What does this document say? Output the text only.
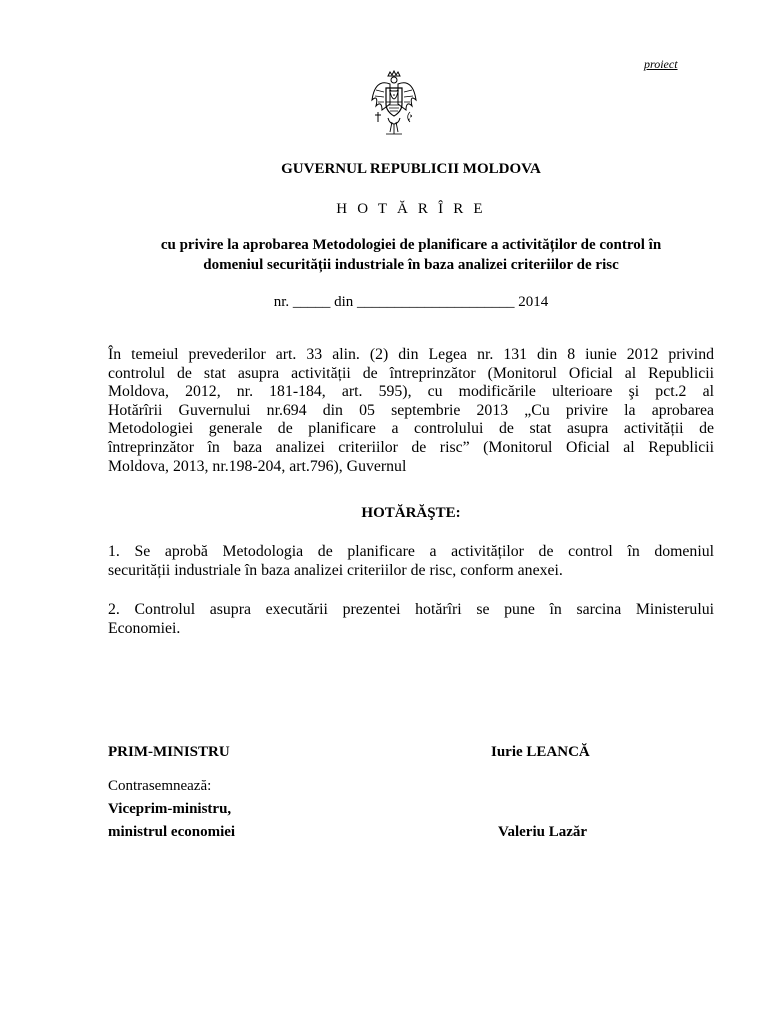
proiect
GUVERNUL REPUBLICII MOLDOVA
H O T Ă R Î R E
cu privire la aprobarea Metodologiei de planificare a activităților de control în
domeniul securității industriale în baza analizei criteriilor de risc
nr. _____ din _____________________ 2014
În temeiul prevederilor art. 33 alin. (2) din Legea nr. 131 din 8 iunie 2012 privind
controlul de stat asupra activității de întreprinzător (Monitorul Oficial al Republicii
Moldova, 2012, nr. 181-184, art. 595), cu modificările ulterioare şi pct.2 al
Hotărîrii Guvernului nr.694 din 05 septembrie 2013 „Cu privire la aprobarea
Metodologiei generale de planificare a controlului de stat asupra activității de
întreprinzător în baza analizei criteriilor de risc” (Monitorul Oficial al Republicii
Moldova, 2013, nr.198-204, art.796), Guvernul
HOTĂRĂŞTE:
1. Se aprobă Metodologia de planificare a activităților de control în domeniul
securității industriale în baza analizei criteriilor de risc, conform anexei.
2. Controlul asupra executării prezentei hotărîri se pune în sarcina Ministerului
Economiei.
PRIM-MINISTRU	Iurie LEANCĂ
Contrasemnează:
Viceprim-ministru,
ministrul economiei	Valeriu Lazăr
